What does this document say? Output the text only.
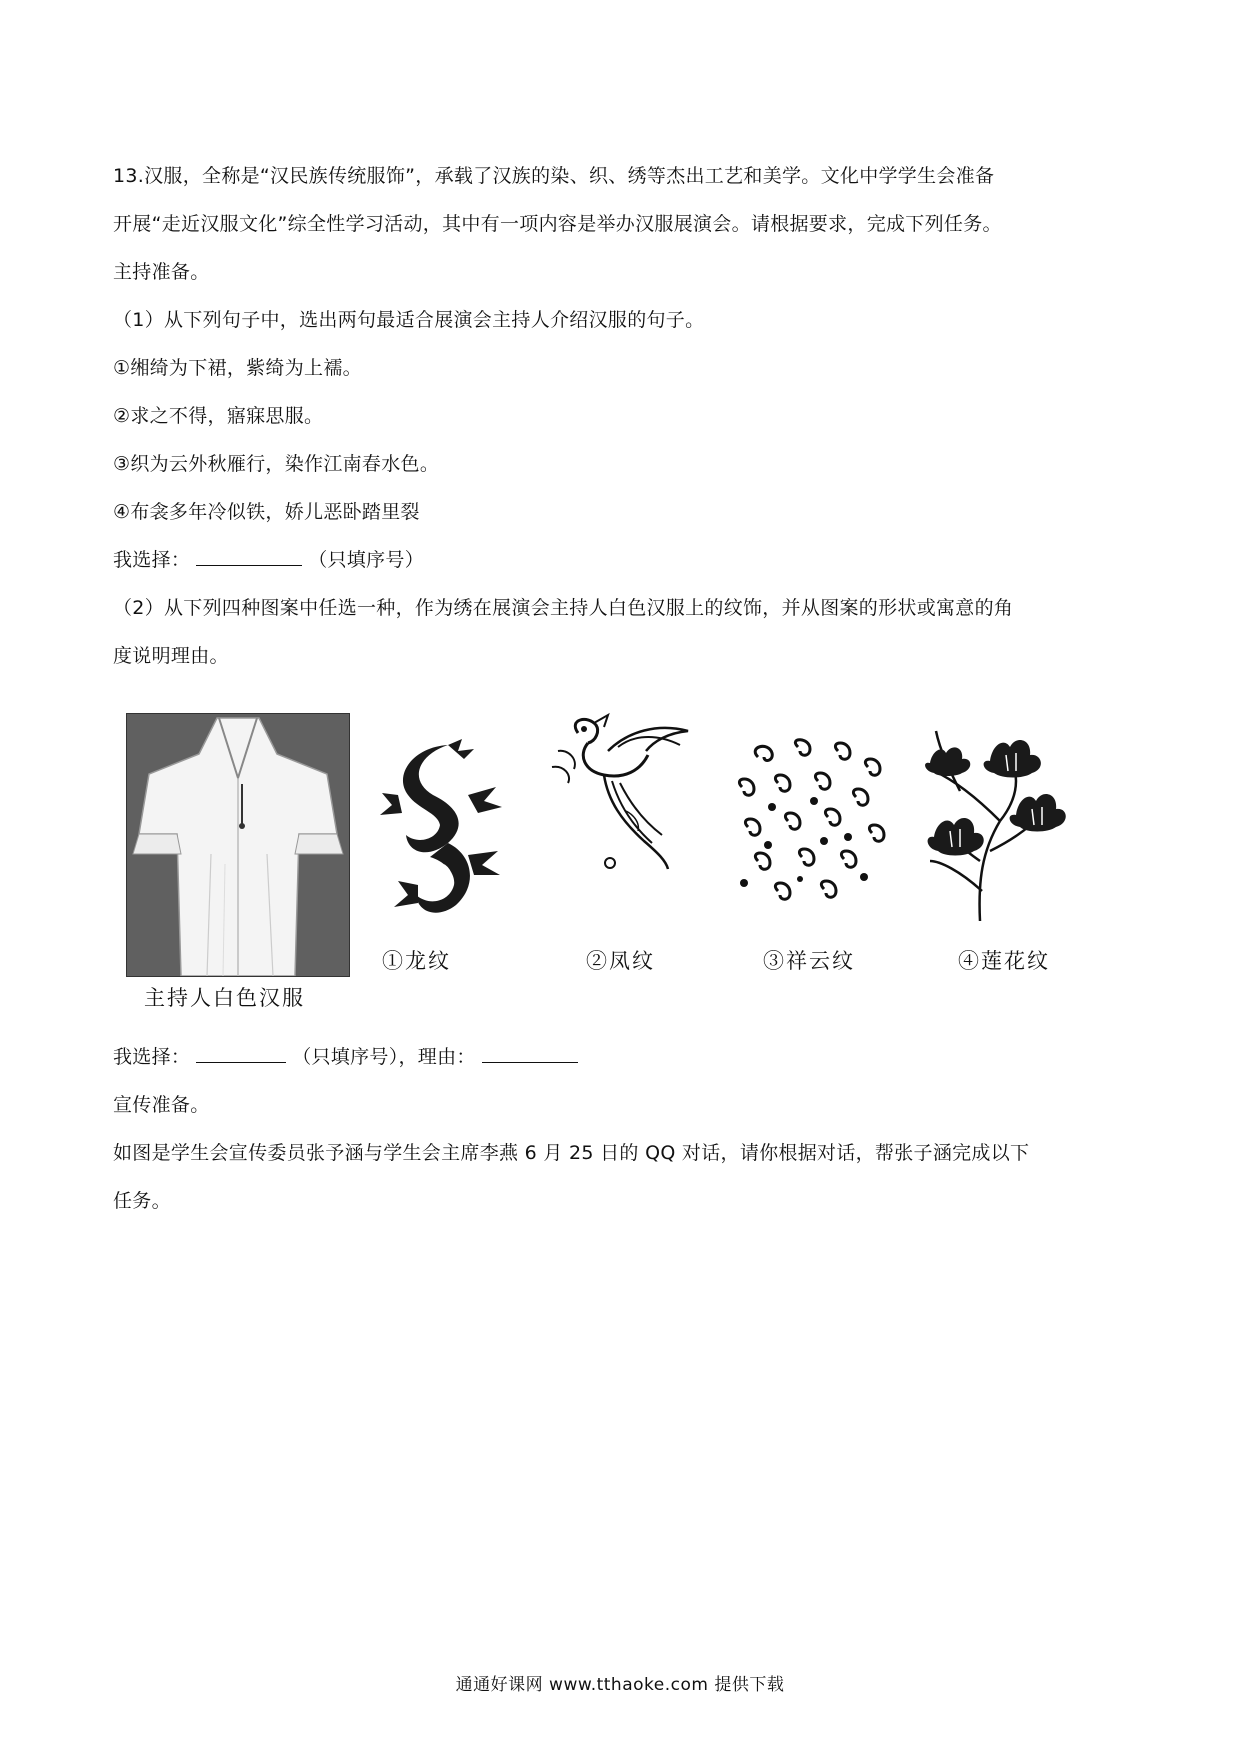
13.汉服，全称是“汉民族传统服饰”，承载了汉族的染、织、绣等杰出工艺和美学。文化中学学生会准备
开展“走近汉服文化”综全性学习活动，其中有一项内容是举办汉服展演会。请根据要求，完成下列任务。
主持准备。
（1）从下列句子中，选出两句最适合展演会主持人介绍汉服的句子。
①缃绮为下裙，紫绮为上襦。
②求之不得，寤寐思服。
③织为云外秋雁行，染作江南春水色。
④布衾多年冷似铁，娇儿恶卧踏里裂
我选择：	（只填序号）
（2）从下列四种图案中任选一种，作为绣在展演会主持人白色汉服上的纹饰，并从图案的形状或寓意的角
度说明理由。
主持人白色汉服
①龙纹	②凤纹	③祥云纹	④莲花纹
我选择：	（只填序号），理由：
宣传准备。
如图是学生会宣传委员张予涵与学生会主席李燕 6 月 25 日的 QQ 对话，请你根据对话，帮张子涵完成以下
任务。
通通好课网 www.tthaoke.com 提供下载
